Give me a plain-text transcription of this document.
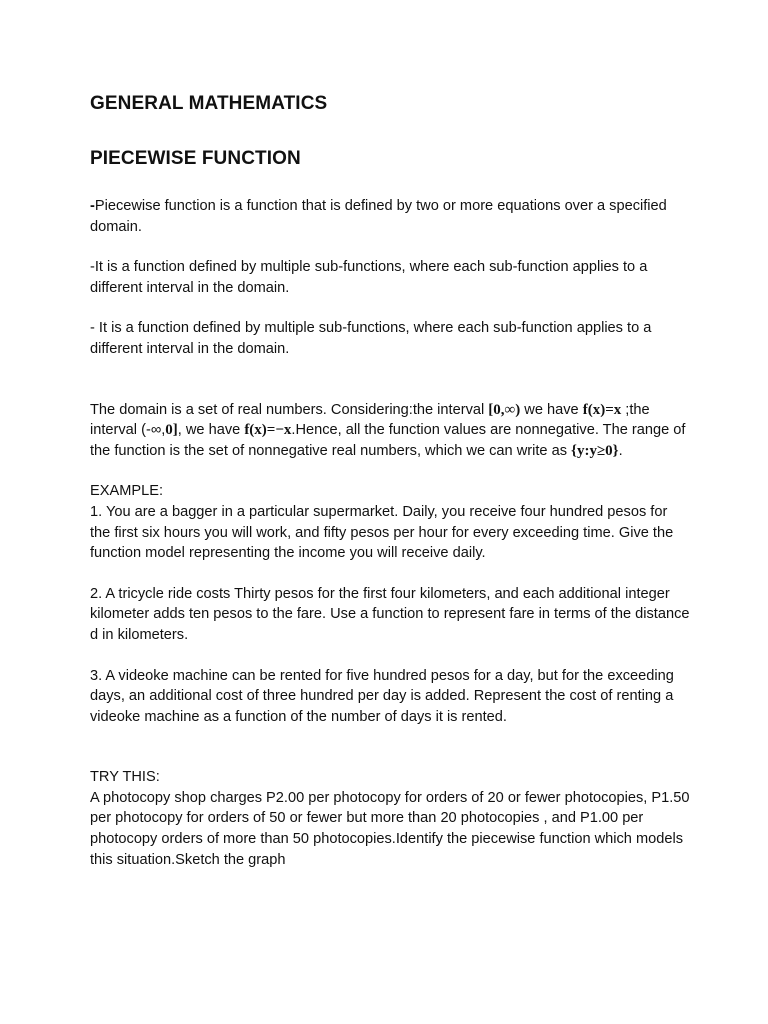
GENERAL MATHEMATICS
PIECEWISE FUNCTION

-Piecewise function is a function that is defined by two or more equations over a specified domain.

-It is a function defined by multiple sub-functions, where each sub-function applies to a different interval in the domain.

- It is a function defined by multiple sub-functions, where each sub-function applies to a different interval in the domain.

The domain is a set of real numbers. Considering:the interval [0,∞) we have f(x)=x ;the interval (-∞,0], we have f(x)=−x.Hence, all the function values are nonnegative. The range of the function is the set of nonnegative real numbers, which we can write as {y:y≥0}.

EXAMPLE:

1. You are a bagger in a particular supermarket. Daily, you receive four hundred pesos for the first six hours you will work, and fifty pesos per hour for every exceeding time. Give the function model representing the income you will receive daily.

2. A tricycle ride costs Thirty pesos for the first four kilometers, and each additional integer kilometer adds ten pesos to the fare. Use a function to represent fare in terms of the distance d in kilometers.

3. A videoke machine can be rented for five hundred pesos for a day, but for the exceeding days, an additional cost of three hundred per day is added. Represent the cost of renting a videoke machine as a function of the number of days it is rented.

TRY THIS:

A photocopy shop charges P2.00 per photocopy for orders of 20 or fewer photocopies, P1.50 per photocopy for orders of 50 or fewer but more than 20 photocopies , and P1.00 per photocopy orders of more than 50 photocopies.Identify the piecewise function which models this situation.Sketch the graph
